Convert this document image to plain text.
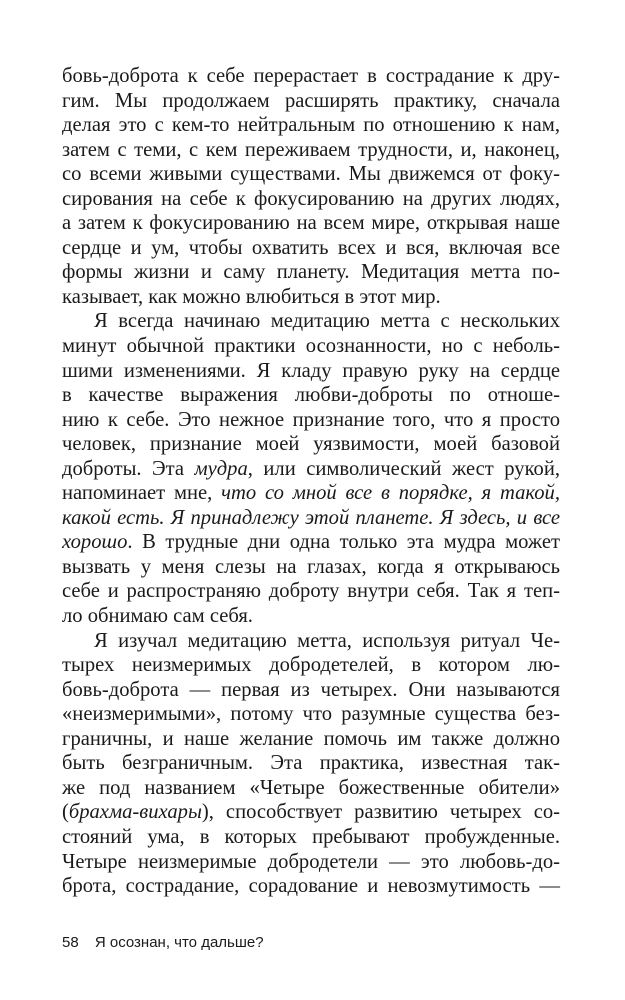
бовь-доброта к себе перерастает в сострадание к дру-
гим. Мы продолжаем расширять практику, сначала
делая это с кем-то нейтральным по отношению к нам,
затем с теми, с кем переживаем трудности, и, наконец,
со всеми живыми существами. Мы движемся от фоку-
сирования на себе к фокусированию на других людях,
а затем к фокусированию на всем мире, открывая наше
сердце и ум, чтобы охватить всех и вся, включая все
формы жизни и саму планету. Медитация метта по-
казывает, как можно влюбиться в этот мир.
Я всегда начинаю медитацию метта с нескольких
минут обычной практики осознанности, но с неболь-
шими изменениями. Я кладу правую руку на сердце
в качестве выражения любви-доброты по отноше-
нию к себе. Это нежное признание того, что я просто
человек, признание моей уязвимости, моей базовой
доброты. Эта мудра, или символический жест рукой,
напоминает мне, что со мной все в порядке, я такой,
какой есть. Я принадлежу этой планете. Я здесь, и все
хорошо. В трудные дни одна только эта мудра может
вызвать у меня слезы на глазах, когда я открываюсь
себе и распространяю доброту внутри себя. Так я теп-
ло обнимаю сам себя.
Я изучал медитацию метта, используя ритуал Че-
тырех неизмеримых добродетелей, в котором лю-
бовь-доброта — первая из четырех. Они называются
«неизмеримыми», потому что разумные существа без-
граничны, и наше желание помочь им также должно
быть безграничным. Эта практика, известная так-
же под названием «Четыре божественные обители»
(брахма-вихары), способствует развитию четырех со-
стояний ума, в которых пребывают пробужденные.
Четыре неизмеримые добродетели — это любовь-до-
брота, сострадание, сорадование и невозмутимость —
58 Я осознан, что дальше?
